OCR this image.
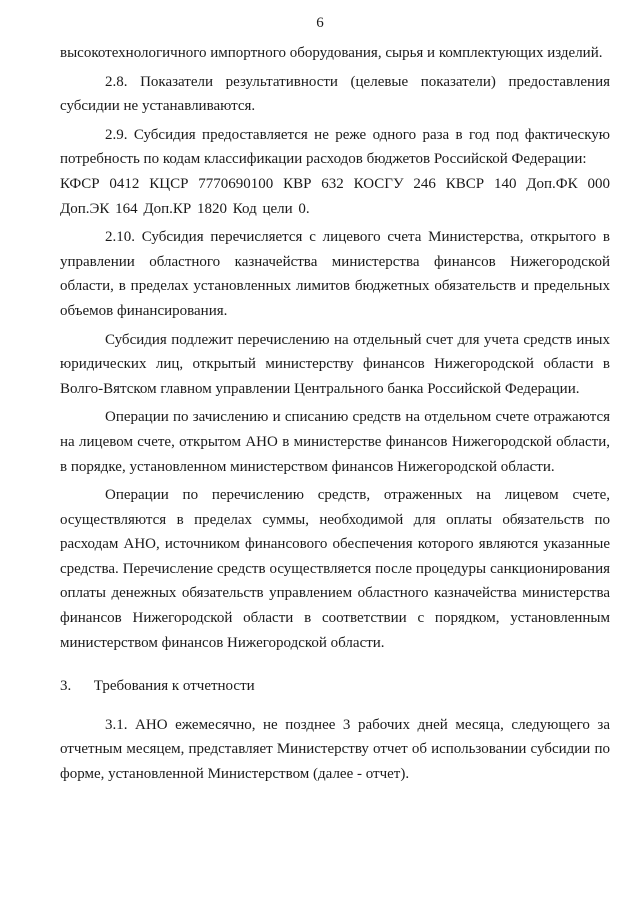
6

высокотехнологичного импортного оборудования, сырья и комплектующих изделий.

2.8. Показатели результативности (целевые показатели) предоставления субсидии не устанавливаются.

2.9. Субсидия предоставляется не реже одного раза в год под фактическую потребность по кодам классификации расходов бюджетов Российской Федерации:

КФСР 0412 КЦСР 7770690100 КВР 632 КОСГУ 246 КВСР 140 Доп.ФК 000 Доп.ЭК 164 Доп.КР 1820 Код цели 0.

2.10. Субсидия перечисляется с лицевого счета Министерства, открытого в управлении областного казначейства министерства финансов Нижегородской области, в пределах установленных лимитов бюджетных обязательств и предельных объемов финансирования.

Субсидия подлежит перечислению на отдельный счет для учета средств иных юридических лиц, открытый министерству финансов Нижегородской области в Волго-Вятском главном управлении Центрального банка Российской Федерации.

Операции по зачислению и списанию средств на отдельном счете отражаются на лицевом счете, открытом АНО в министерстве финансов Нижегородской области, в порядке, установленном министерством финансов Нижегородской области.

Операции по перечислению средств, отраженных на лицевом счете, осуществляются в пределах суммы, необходимой для оплаты обязательств по расходам АНО, источником финансового обеспечения которого являются указанные средства. Перечисление средств осуществляется после процедуры санкционирования оплаты денежных обязательств управлением областного казначейства министерства финансов Нижегородской области в соответствии с порядком, установленным министерством финансов Нижегородской области.

3.      Требования к отчетности

3.1. АНО ежемесячно, не позднее 3 рабочих дней месяца, следующего за отчетным месяцем, представляет Министерству отчет об использовании субсидии по форме, установленной Министерством (далее - отчет).
